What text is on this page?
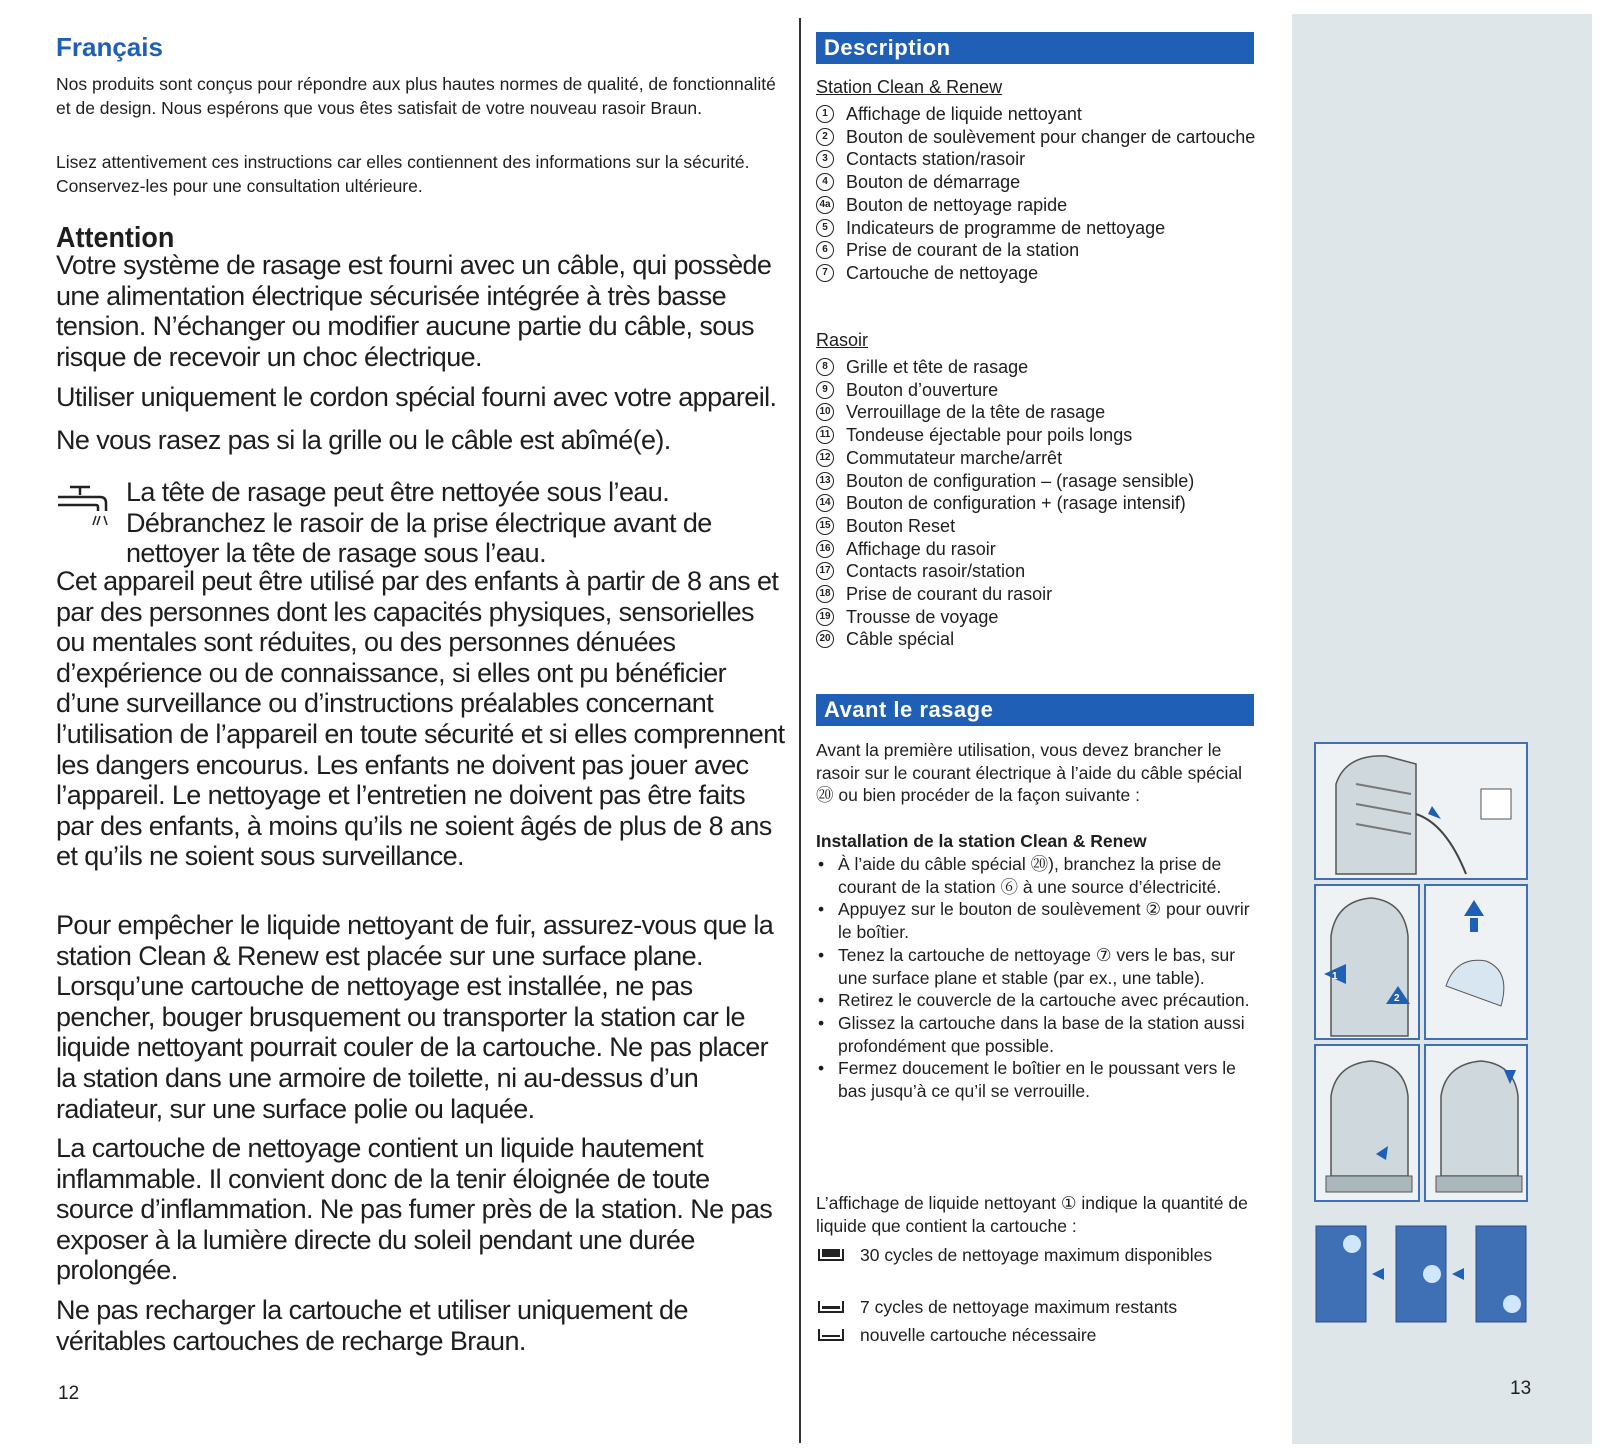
Français

Nos produits sont conçus pour répondre aux plus hautes normes de qualité, de fonctionnalité et de design. Nous espérons que vous êtes satisfait de votre nouveau rasoir Braun.

Lisez attentivement ces instructions car elles contiennent des informations sur la sécurité. Conservez-les pour une consultation ultérieure.

Attention

Votre système de rasage est fourni avec un câble, qui possède une alimentation électrique sécurisée intégrée à très basse tension. N’échanger ou modifier aucune partie du câble, sous risque de recevoir un choc électrique.

Utiliser uniquement le cordon spécial fourni avec votre appareil.

Ne vous rasez pas si la grille ou le câble est abîmé(e).

La tête de rasage peut être nettoyée sous l’eau. Débranchez le rasoir de la prise électrique avant de nettoyer la tête de rasage sous l’eau.

Cet appareil peut être utilisé par des enfants à partir de 8 ans et par des personnes dont les capacités physiques, sensorielles ou mentales sont réduites, ou des personnes dénuées d’expérience ou de connaissance, si elles ont pu bénéficier d’une surveillance ou d’instructions préalables concernant l’utilisation de l’appareil en toute sécurité et si elles comprennent les dangers encourus. Les enfants ne doivent pas jouer avec l’appareil. Le nettoyage et l’entretien ne doivent pas être faits par des enfants, à moins qu’ils ne soient âgés de plus de 8 ans et qu’ils ne soient sous surveillance.

Pour empêcher le liquide nettoyant de fuir, assurez-vous que la station Clean & Renew est placée sur une surface plane. Lorsqu’une cartouche de nettoyage est installée, ne pas pencher, bouger brusquement ou transporter la station car le liquide nettoyant pourrait couler de la cartouche. Ne pas placer la station dans une armoire de toilette, ni au-dessus d’un radiateur, sur une surface polie ou laquée.

La cartouche de nettoyage contient un liquide hautement inflammable. Il convient donc de la tenir éloignée de toute source d’inflammation. Ne pas fumer près de la station. Ne pas exposer à la lumière directe du soleil pendant une durée prolongée.

Ne pas recharger la cartouche et utiliser uniquement de véritables cartouches de recharge Braun.

12
Description

Station Clean & Renew

1	Affichage de liquide nettoyant
2	Bouton de soulèvement pour changer de cartouche
3	Contacts station/rasoir
4	Bouton de démarrage
4a Bouton de nettoyage rapide
5	Indicateurs de programme de nettoyage
6	Prise de courant de la station
7	Cartouche de nettoyage

Rasoir

8	Grille et tête de rasage
9	Bouton d’ouverture
10 Verrouillage de la tête de rasage
11 Tondeuse éjectable pour poils longs
12 Commutateur marche/arrêt
13 Bouton de configuration – (rasage sensible)
14 Bouton de configuration + (rasage intensif)
15 Bouton Reset
16 Affichage du rasoir
17 Contacts rasoir/station
18 Prise de courant du rasoir
19 Trousse de voyage
20 Câble spécial
Avant le rasage

Avant la première utilisation, vous devez brancher le rasoir sur le courant électrique à l’aide du câble spécial ⑳ ou bien procéder de la façon suivante :

Installation de la station Clean & Renew

• À l’aide du câble spécial ⑳), branchez la prise de courant de la station ⑥ à une source d’électricité.
• Appuyez sur le bouton de soulèvement ② pour ouvrir le boîtier.
• Tenez la cartouche de nettoyage ⑦ vers le bas, sur une surface plane et stable (par ex., une table).
• Retirez le couvercle de la cartouche avec précaution.
• Glissez la cartouche dans la base de la station aussi profondément que possible.
• Fermez doucement le boîtier en le poussant vers le bas jusqu’à ce qu’il se verrouille.

L’affichage de liquide nettoyant ① indique la quantité de liquide que contient la cartouche :

30 cycles de nettoyage maximum disponibles
7 cycles de nettoyage maximum restants
nouvelle cartouche nécessaire
1
2
13
